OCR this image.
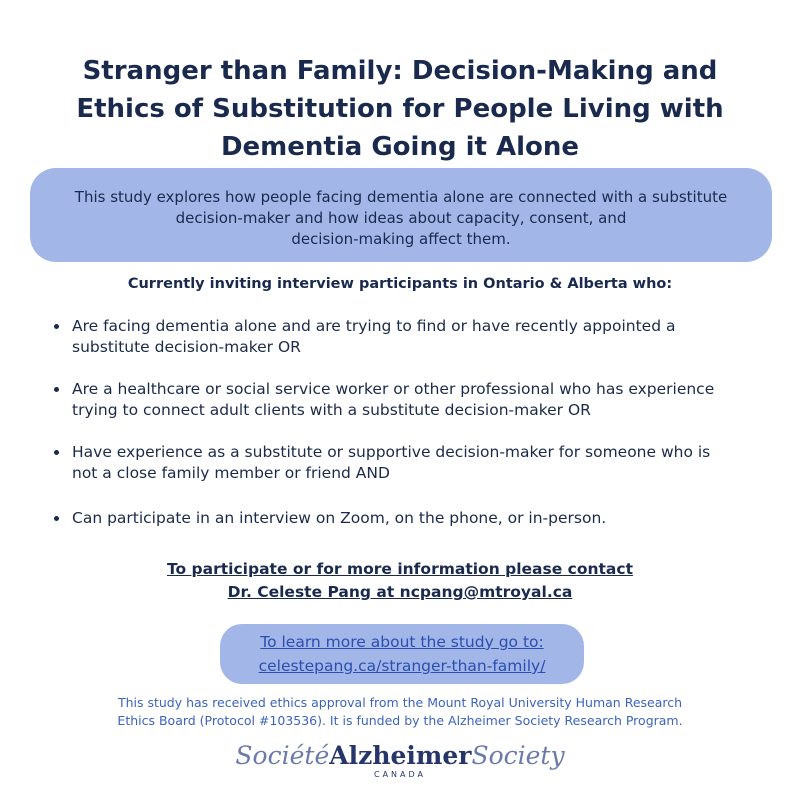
Stranger than Family: Decision-Making and
Ethics of Substitution for People Living with
Dementia Going it Alone
This study explores how people facing dementia alone are connected with a substitute
decision-maker and how ideas about capacity, consent, and
decision-making affect them.
Currently inviting interview participants in Ontario & Alberta who:
Are facing dementia alone and are trying to find or have recently appointed a
substitute decision-maker OR
Are a healthcare or social service worker or other professional who has experience
trying to connect adult clients with a substitute decision-maker OR
Have experience as a substitute or supportive decision-maker for someone who is
not a close family member or friend AND
Can participate in an interview on Zoom, on the phone, or in-person.
To participate or for more information please contact
Dr. Celeste Pang at ncpang@mtroyal.ca
To learn more about the study go to:
celestepang.ca/stranger-than-family/
This study has received ethics approval from the Mount Royal University Human Research
Ethics Board (Protocol #103536). It is funded by the Alzheimer Society Research Program.
SociétéAlzheimerSociety
CANADA
